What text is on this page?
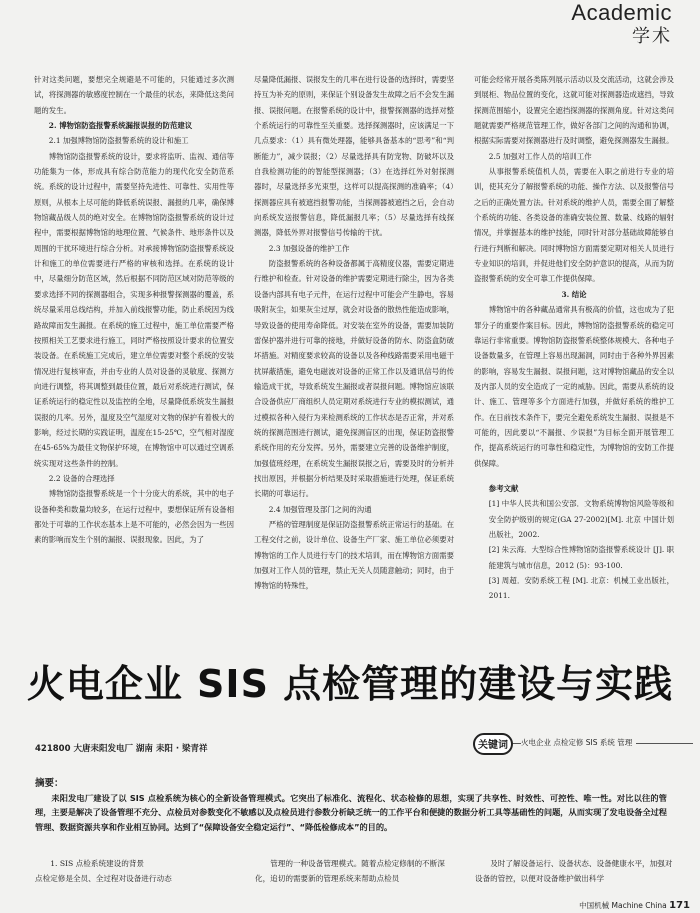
Academic
学术

针对这类问题，要想完全规避是不可能的，只能通过多次测试，将探测器的敏感度控制在一个最佳的状态，来降低这类问题的发生。

2. 博物馆防盗报警系统漏报误报的防范建议

2.1 加强博物馆防盗报警系统的设计和施工

博物馆防盗报警系统的设计，要求将监听、监视、通信等功能集为一体，形成具有综合防范能力的现代化安全防范系统。系统的设计过程中，需要坚持先进性、可靠性、实用性等原则，从根本上尽可能的降低系统误报、漏报的几率，确保博物馆藏品级人员的绝对安全。在博物馆防盗报警系统的设计过程中，需要根据博物馆的地理位置、气候条件、地形条件以及周围的干扰环境进行综合分析。对承接博物馆防盗报警系统设计和施工的单位需要进行严格的审核和选择。在系统的设计中，尽量细分防范区域，然后根据不同防范区域对防范等级的要求选择不同的探测器组合，实现多种报警探测器的覆盖，系统尽量采用总线结构，并加入前线报警功能，防止系统因为线路故障而发生漏报。在系统的施工过程中，施工单位需要严格按照相关工艺要求进行施工，同时严格按照设计要求的位置安装设备。在系统施工完成后，建立单位需要对整个系统的安装情况进行复核审查，并由专业的人员对设备的灵敏度、探测方向进行调整，将其调整到最佳位置，最后对系统进行测试，保证系统运行的稳定性以及监控的全地，尽量降低系统发生漏报误报的几率。另外，温度及空气湿度对文物的保护有着极大的影响，经过长期的实践证明，温度在15-25℃，空气相对湿度在45-65%为最佳文物保护环境，在博物馆中可以通过空调系统实现对这些条件的控制。

2.2 设备的合理选择

博物馆防盗报警系统是一个十分庞大的系统，其中的电子设备种类和数量均较多，在运行过程中，要想保证所有设备相都处于可靠的工作状态基本上是不可能的，必然会因为一些因素的影响而发生个别的漏报、误报现象。因此，为了

尽量降低漏报、误报发生的几率在进行设备的选择时，需要坚持互为补充的原则，来保证个别设备发生故障之后不会发生漏报、误报问题。在报警系统的设计中，报警探测器的选择对整个系统运行的可靠性至关重要。选择探测器时，应该满足一下几点要求：（1）具有微处理器，能够具备基本的“思考”和“判断能力”，减少误报；（2）尽量选择具有防宠物、防破坏以及自我检测功能的的智能型探测器；（3）在选择红外对射探测器时，尽量选择多光束型，这样可以提高探测的准确率；（4）探测器应具有被遮挡报警功能，当探测器被遮挡之后，会自动向系统发送报警信息，降低漏报几率；（5）尽量选择有线探测器，降低外界对报警信号传输的干扰。

2.3 加强设备的维护工作

防盗报警系统的各种设备都属于高精度仪器，需要定期进行维护和检查。针对设备的维护需要定期进行除尘，因为各类设备内部具有电子元件，在运行过程中可能会产生静电，容易吸附灰尘，如果灰尘过厚，就会对设备的散热性能造成影响，导致设备的使用寿命降低。对安装在室外的设备，需要加装防雷保护器并进行可靠的接地，并做好设备的防水、防盗盒防破坏措施。对精度要求较高的设备以及各种线路需要采用电磁干扰屏蔽措施，避免电磁波对设备的正常工作以及通讯信号的传输造成干扰，导致系统发生漏报或者误报问题。博物馆应该联合设备供应厂商组织人员定期对系统进行专业的模拟测试，通过模拟各种入侵行为来检测系统的工作状态是否正常，并对系统的探测范围进行测试，避免探测盲区的出现，保证防盗报警系统作用的充分发挥。另外，需要建立完善的设备维护制度，加强值班经理，在系统发生漏报误报之后，需要及时的分析并找出原因，并根据分析结果及时采取措施进行处理，保证系统长期的可靠运行。

2.4 加强管理及部门之间的沟通

严格的管理制度是保证防盗报警系统正常运行的基础。在工程交付之前，设计单位、设备生产厂家、施工单位必须要对博物馆的工作人员进行专门的技术培训，而在博物馆方面需要加强对工作人员的管理，禁止无关人员随意触动；同时，由于博物馆的特殊性，

可能会经常开展各类陈列展示活动以及交流活动，这就会涉及到展柜、物品位置的变化，这就可能对探测器造成遮挡，导致探测范围缩小，设置完全遮挡探测器的探测角度。针对这类问题就需要严格规范管理工作，做好各部门之间的沟通和协调，根据实际需要对探测器进行及时调整，避免探测器发生漏报。

2.5 加强对工作人员的培训工作

从事报警系统值机人员，需要在入职之前进行专业的培训，使其充分了解报警系统的功能、操作方法、以及报警信号之后的正确处置方法。针对系统的维护人员，需要全面了解整个系统的功能、各类设备的准确安装位置、数量、线路的辐射情况，并掌握基本的维护技能，同时针对部分基础故障能够自行进行判断和解决。同时博物馆方面需要定期对相关人员进行专业知识的培训，并促进他们安全防护意识的提高，从而为防盗报警系统的安全可靠工作提供保障。

3. 结论

博物馆中的各种藏品通常具有极高的价值，这也成为了犯罪分子的重要作案目标。因此，博物馆防盗报警系统的稳定可靠运行非常重要。博物馆防盗报警系统整体规模大、各种电子设备数量多，在管理上容易出现漏洞，同时由于各种外界因素的影响，容易发生漏报、误报问题，这对博物馆藏品的安全以及内部人员的安全造成了一定的威胁。因此，需要从系统的设计、施工、管理等多个方面进行加强，并做好系统的维护工作。在日前技术条件下，要完全避免系统发生漏报、误报是不可能的，因此要以“不漏报、少误报”为目标全面开展管理工作，提高系统运行的可靠性和稳定性，为博物馆的安防工作提供保障。

参考文献

[1] 中华人民共和国公安部．文物系统博物馆风险等级和安全防护级别的规定(GA 27-2002)[M]. 北京 中国计划出版社，2002.

[2] 朱云海．大型综合性博物馆防盗报警系统设计 [J]. 职能建筑与城市信息，2012 (5)：93-100.

[3] 周超．安防系统工程 [M]. 北京：机械工业出版社，2011.

火电企业 SIS 点检管理的建设与实践
421800 大唐耒阳发电厂 湖南 耒阳 · 梁青祥	关键词	火电企业 点检定修 SIS 系统 管理
摘要：
耒阳发电厂建设了以 SIS 点检系统为核心的全新设备管理模式。它突出了标准化、流程化、状态检修的思想，实现了共享性、时效性、可控性、唯一性。对比以往的管理，主要是解决了设备管理不充分、点检员对参数变化不敏感以及点检员进行参数分析缺乏统一的工作平台和便捷的数据分析工具等基础性的问题，从而实现了发电设备全过程管理、数据资源共享和作业相互协同。达到了“保障设备安全稳定运行”、“降低检修成本”的目的。

1. SIS 点检系统建设的背景
点检定修是全员、全过程对设备进行动态

管理的一种设备管理模式。随着点检定修制的不断深化，追切的需要新的管理系统来帮助点检员

及时了解设备运行、设备状态、设备健康水平，加强对设备的管控，以便对设备维护做出科学

中国机械 Machine China 171
